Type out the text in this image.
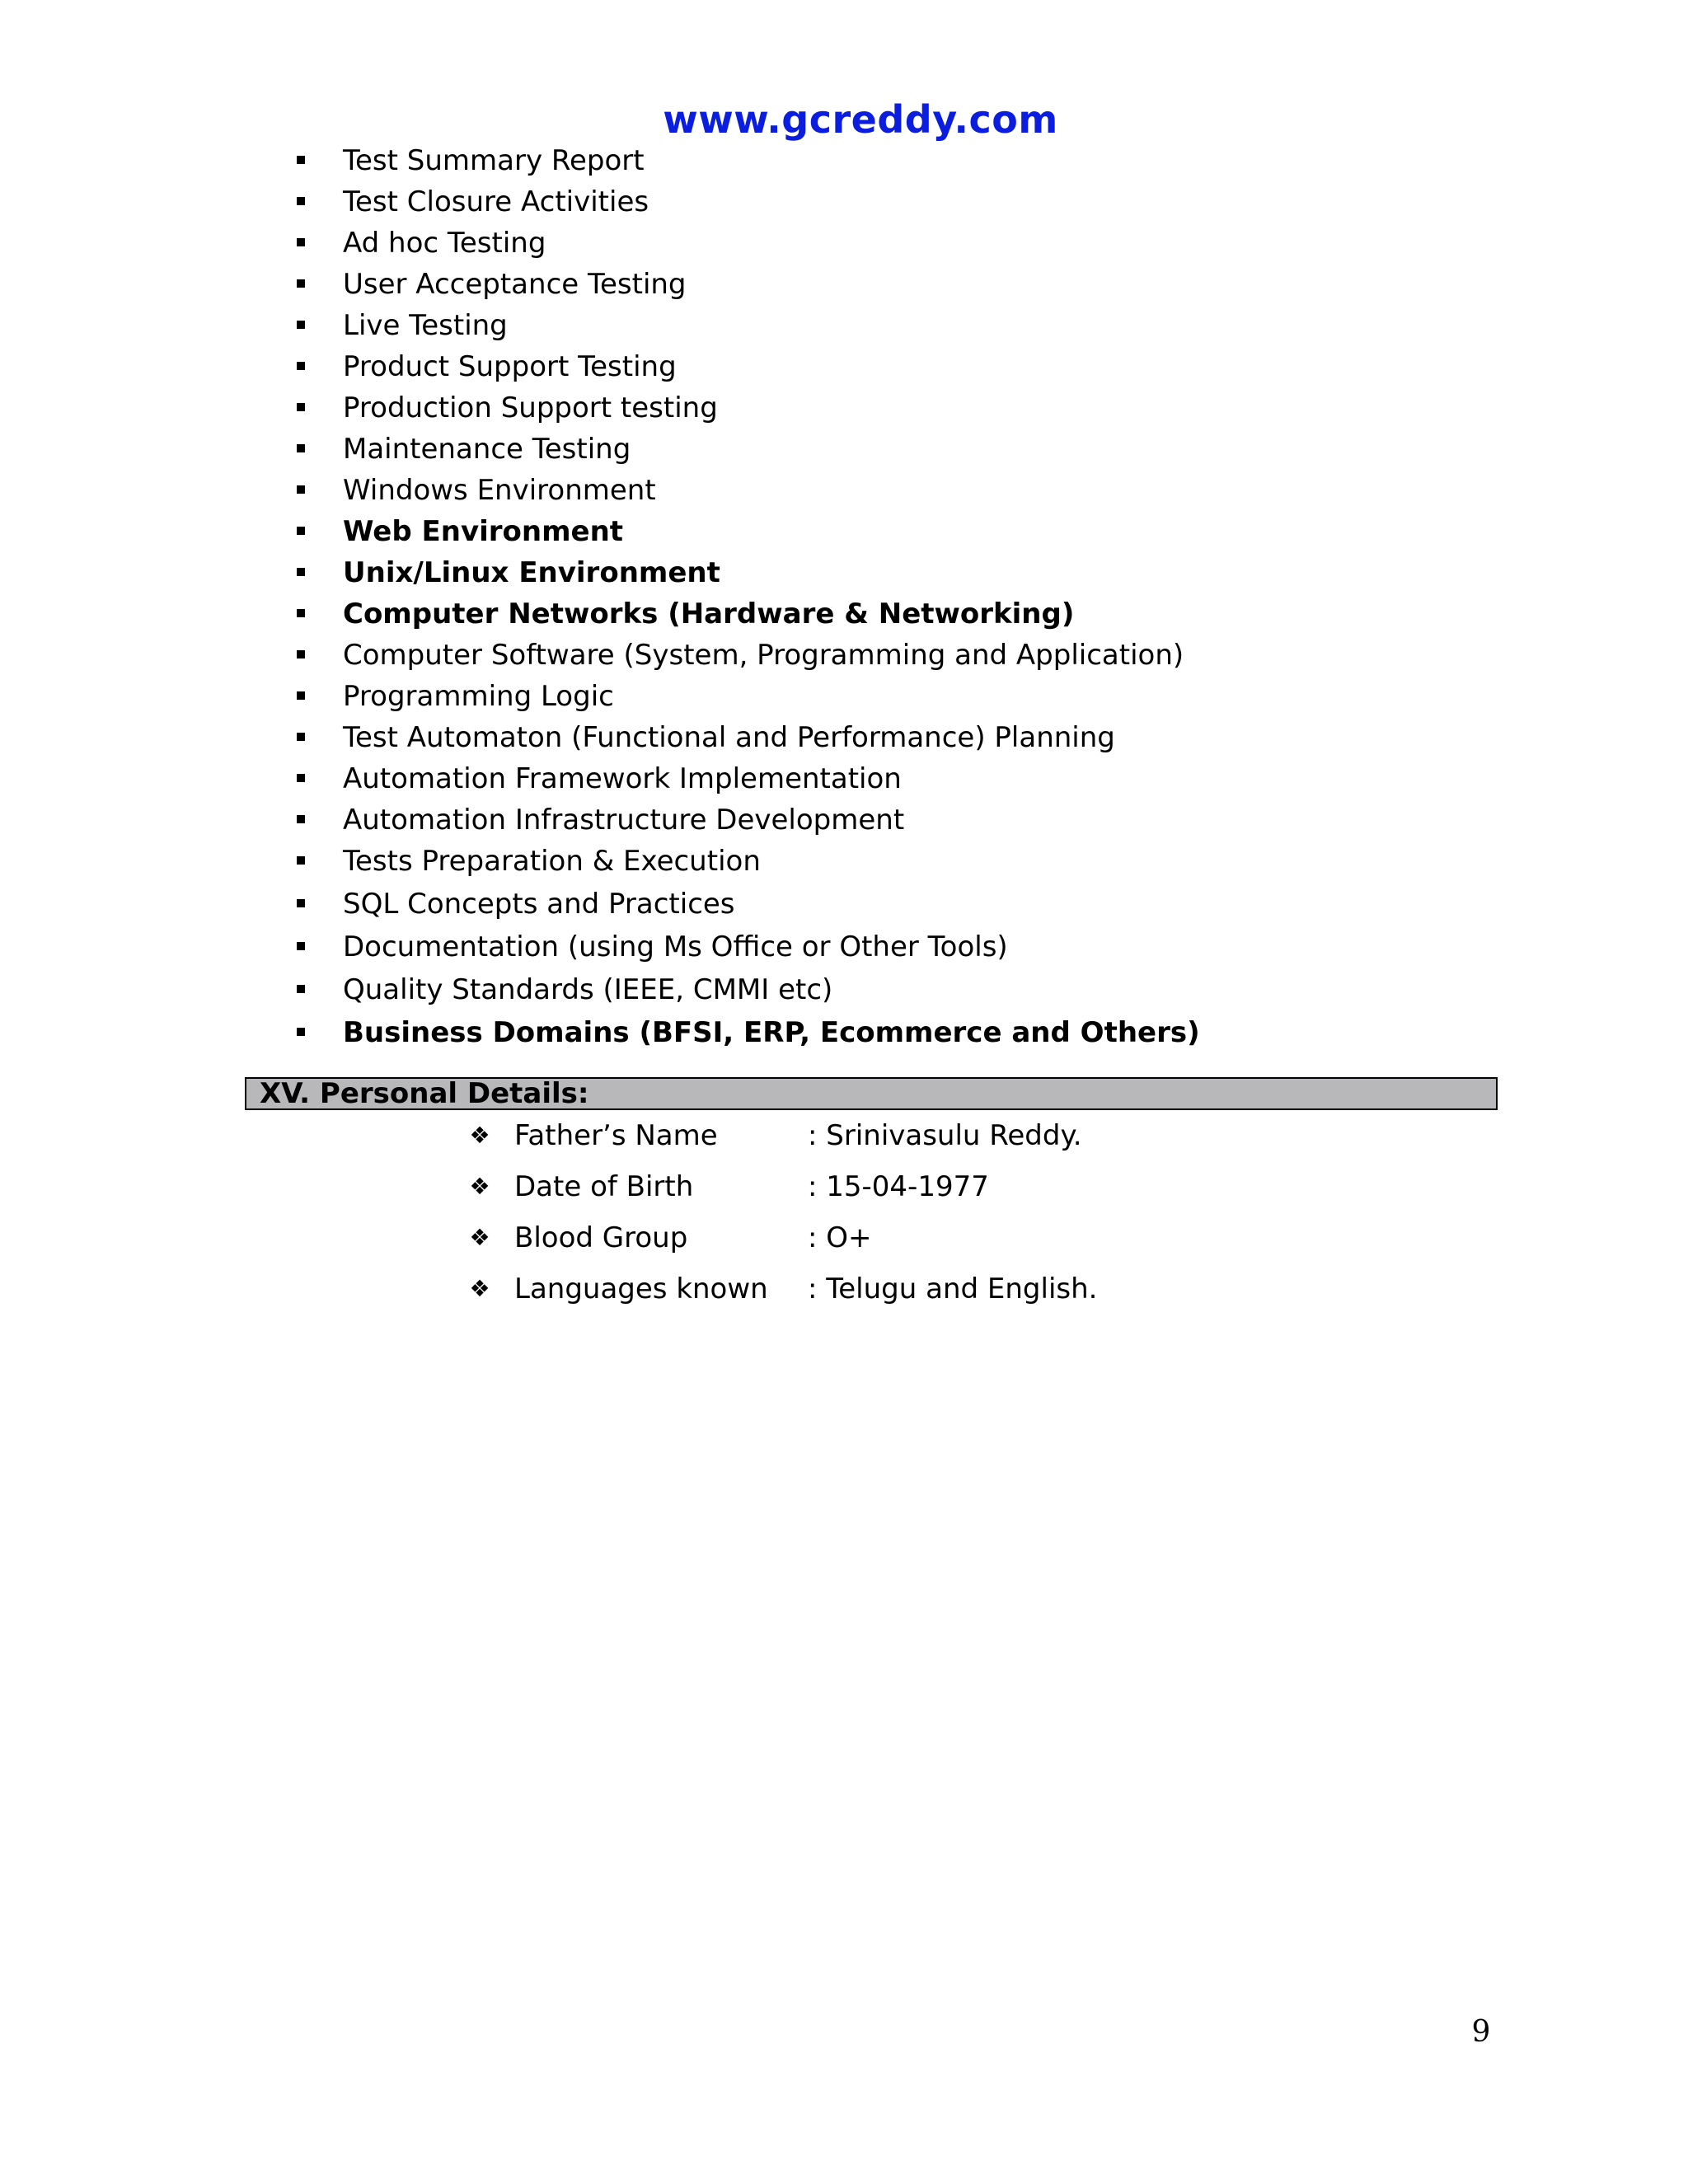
www.gcreddy.com
Test Summary Report
Test Closure Activities
Ad hoc Testing
User Acceptance Testing
Live Testing
Product Support Testing
Production Support testing
Maintenance Testing
Windows Environment
Web Environment
Unix/Linux Environment
Computer Networks (Hardware & Networking)
Computer Software (System, Programming and Application)
Programming Logic
Test Automaton (Functional and Performance) Planning
Automation Framework Implementation
Automation Infrastructure Development
Tests Preparation & Execution
SQL Concepts and Practices
Documentation (using Ms Office or Other Tools)
Quality Standards (IEEE, CMMI etc)
Business Domains (BFSI, ERP, Ecommerce and Others)
XV. Personal Details:
❖ Father’s Name	: Srinivasulu Reddy.
❖ Date of Birth	: 15-04-1977
❖ Blood Group	: O+
❖ Languages known : Telugu and English.
9
